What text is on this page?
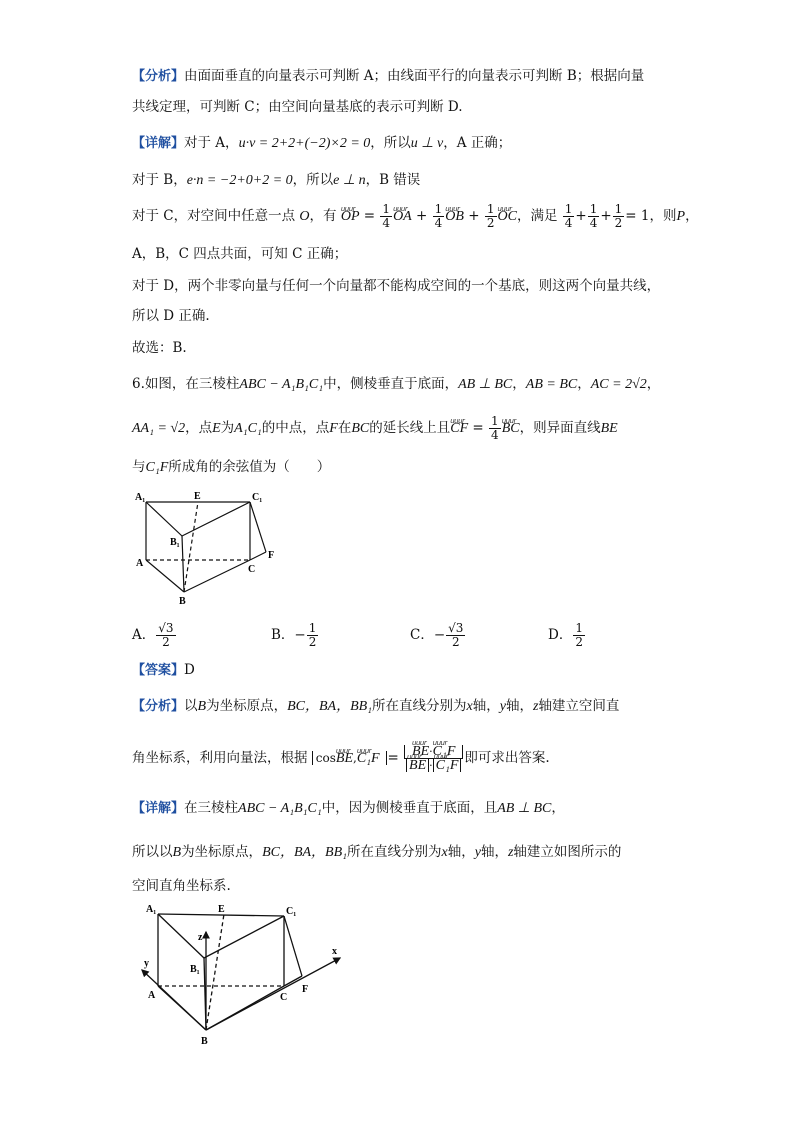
【分析】由面面垂直的向量表示可判断 A；由线面平行的向量表示可判断 B；根据向量
共线定理，可判断 C；由空间向量基底的表示可判断 D.
【详解】对于 A，u·v = 2+2+(−2)×2 = 0，所以u ⊥ v，A 正确；
对于 B，e·n = −2+0+2 = 0，所以e ⊥ n，B 错误
对于 C，对空间中任意一点 O，有 uuur OP = $\frac{1}{4}$ uuur OA + $\frac{1}{4}$ uuur OB + $\frac{1}{2}$ uuur OC，满足 $\frac{1}{4} + \frac{1}{4} + \frac{1}{2} = 1$，则P，
A，B，C 四点共面，可知 C 正确；
对于 D，两个非零向量与任何一个向量都不能构成空间的一个基底，则这两个向量共线，
所以 D 正确.
故选：B.
6.如图，在三棱柱ABC − A₁B₁C₁中，侧棱垂直于底面，AB ⊥ BC，AB = BC，AC = 2√2，
AA₁ = √2，点E为A₁C₁的中点，点F在BC的延长线上且uuur CF = $\frac{1}{4}$ uuur BC，则异面直线BE
与C₁F所成角的余弦值为（　　）
A₁	E	C₁
B₁
A
C
F
B
A． $\frac{√3}{2}$	B．− $\frac{1}{2}$	C．− $\frac{√3}{2}$	D． $\frac{1}{2}$
【答案】D
【分析】以B为坐标原点，BC，BA，BB₁所在直线分别为x轴，y轴，z轴建立空间直
角坐标系，利用向量法，根据 cosuuur BE,uuur C₁F = uuur BE·uuur C₁F
uuur BE · uuur C₁F 即可求出答案.
【详解】在三棱柱ABC − A₁B₁C₁中，因为侧棱垂直于底面，且AB ⊥ BC，
所以以B为坐标原点，BC，BA，BB₁所在直线分别为x轴，y轴，z轴建立如图所示的
空间直角坐标系.
A₁	E	C₁
z
B₁
y
A	C
F
x
B
